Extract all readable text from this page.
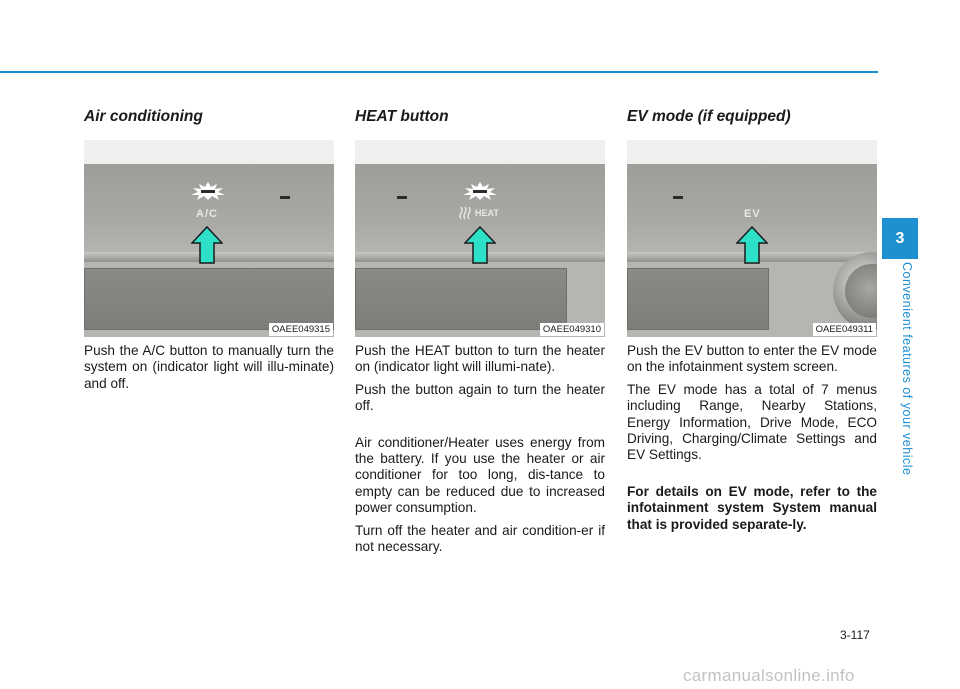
Air conditioning
A/C
OAEE049315

Push the A/C button to manually turn the system on (indicator light will illu-minate) and off.

HEAT button
HEAT
OAEE049310

Push the HEAT button to turn the heater on (indicator light will illumi-nate).

Push the button again to turn the heater off.

Air conditioner/Heater uses energy from the battery. If you use the heater or air conditioner for too long, dis-tance to empty can be reduced due to increased power consumption.

Turn off the heater and air condition-er if not necessary.

EV mode (if equipped)
EV
OAEE049311

Push the EV button to enter the EV mode on the infotainment system screen.

The EV mode has a total of 7 menus including Range, Nearby Stations, Energy Information, Drive Mode, ECO Driving, Charging/Climate Settings and EV Settings.

For details on EV mode, refer to the infotainment system System manual that is provided separate-ly.

3
Convenient features of your vehicle
3-117
carmanualsonline.info
